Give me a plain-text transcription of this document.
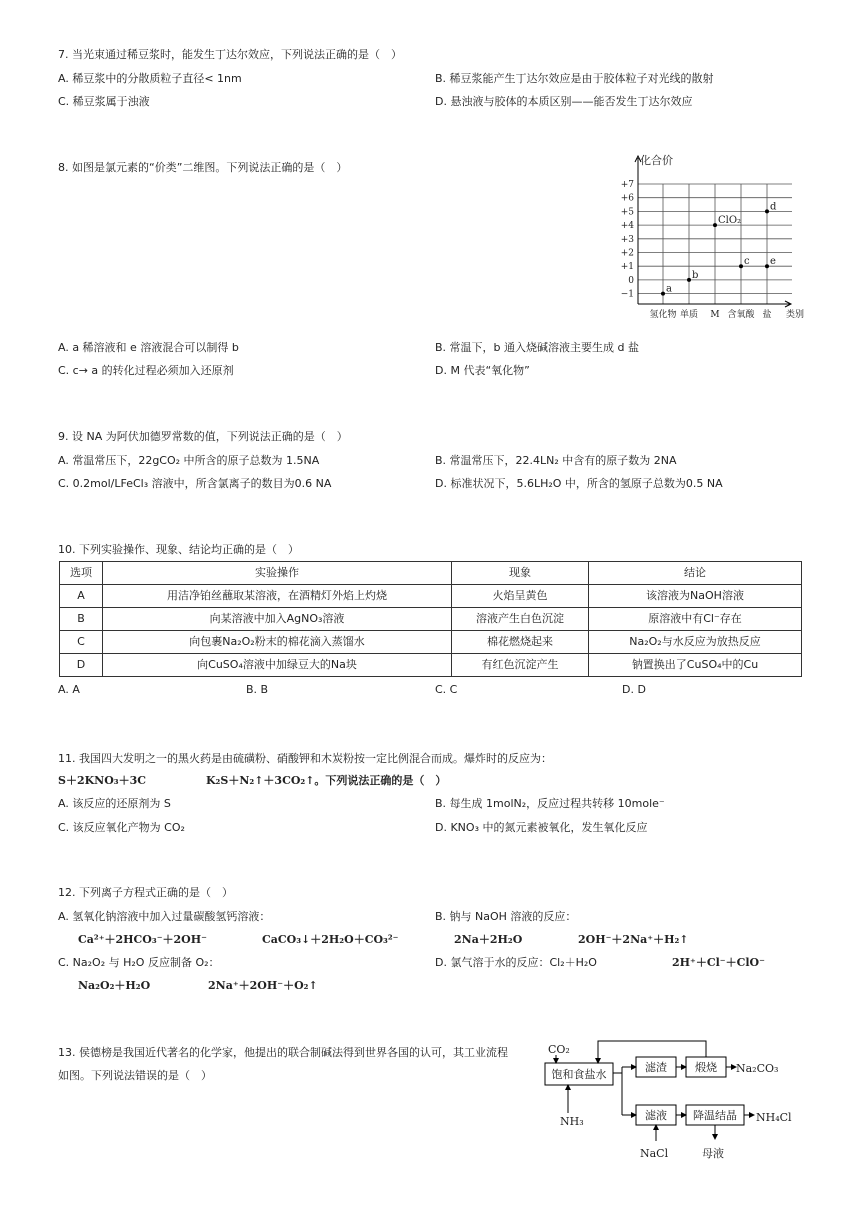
7. 当光束通过稀豆浆时，能发生丁达尔效应，下列说法正确的是（　）
A. 稀豆浆中的分散质粒子直径< 1nm	B. 稀豆浆能产生丁达尔效应是由于胶体粒子对光线的散射
C. 稀豆浆属于浊液	D. 悬浊液与胶体的本质区别——能否发生丁达尔效应
8. 如图是氯元素的“价类”二维图。下列说法正确的是（　）
化合价
+7
+6
+5
+4
+3
+2
+1
0
−1
氢化物 单质 M 含氧酸 盐 类别
a
b
ClO₂
c
d
e
A. a 稀溶液和 e 溶液混合可以制得 b	B. 常温下，b 通入烧碱溶液主要生成 d 盐
C. c→ a 的转化过程必须加入还原剂	D. M 代表“氧化物”
9. 设 NA 为阿伏加德罗常数的值，下列说法正确的是（　）
A. 常温常压下，22gCO₂ 中所含的原子总数为 1.5NA	B. 常温常压下，22.4LN₂ 中含有的原子数为 2NA
C. 0.2mol/LFeCl₃ 溶液中，所含氯离子的数目为0.6 NA	D. 标准状况下，5.6LH₂O 中，所含的氢原子总数为0.5 NA
10. 下列实验操作、现象、结论均正确的是（　）
选项	实验操作	现象	结论
A	用洁净铂丝蘸取某溶液，在酒精灯外焰上灼烧	火焰呈黄色	该溶液为NaOH溶液
B	向某溶液中加入AgNO₃溶液	溶液产生白色沉淀	原溶液中有Cl⁻存在
C	向包裹Na₂O₂粉末的棉花滴入蒸馏水	棉花燃烧起来	Na₂O₂与水反应为放热反应
D	向CuSO₄溶液中加绿豆大的Na块	有红色沉淀产生	钠置换出了CuSO₄中的Cu
A. A	B. B	C. C	D. D
11. 我国四大发明之一的黑火药是由硫磺粉、硝酸钾和木炭粉按一定比例混合而成。爆炸时的反应为：
S＋2KNO₃＋3C	K₂S＋N₂↑＋3CO₂↑。下列说法正确的是（　）
A. 该反应的还原剂为 S	B. 每生成 1molN₂，反应过程共转移 10mole⁻
C. 该反应氧化产物为 CO₂	D. KNO₃ 中的氮元素被氧化，发生氧化反应
12. 下列离子方程式正确的是（　）
A. 氢氧化钠溶液中加入过量碳酸氢钙溶液：
Ca²⁺＋2HCO₃⁻＋2OH⁻	CaCO₃↓＋2H₂O＋CO₃²⁻
B. 钠与 NaOH 溶液的反应：
2Na＋2H₂O	2OH⁻＋2Na⁺＋H₂↑
C. Na₂O₂ 与 H₂O 反应制备 O₂：
Na₂O₂＋H₂O	2Na⁺＋2OH⁻＋O₂↑
D. 氯气溶于水的反应：Cl₂＋H₂O	2H⁺＋Cl⁻＋ClO⁻
13. 侯德榜是我国近代著名的化学家，他提出的联合制碱法得到世界各国的认可，其工业流程
如图。下列说法错误的是（　）
CO₂
NH₃
Na₂CO₃
NH₄Cl
NaCl	母液
饱和食盐水
滤渣	煅烧
滤液 降温结晶
